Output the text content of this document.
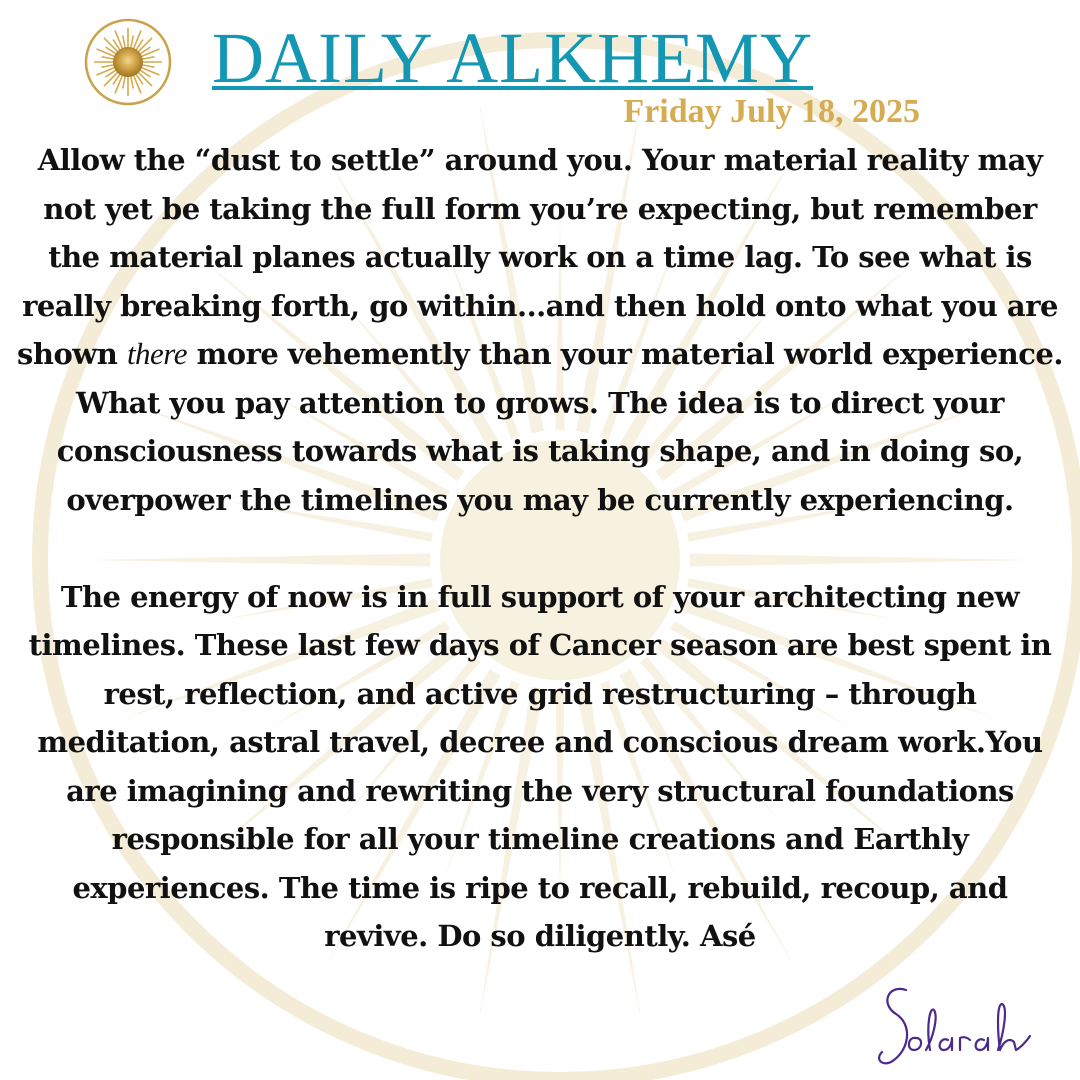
DAILY ALKHEMY
Friday July 18, 2025

Allow the “dust to settle” around you. Your material reality may not yet be taking the full form you’re expecting, but remember the material planes actually work on a time lag. To see what is really breaking forth, go within...and then hold onto what you are shown there more vehemently than your material world experience. What you pay attention to grows. The idea is to direct your consciousness towards what is taking shape, and in doing so, overpower the timelines you may be currently experiencing.

The energy of now is in full support of your architecting new timelines. These last few days of Cancer season are best spent in rest, reflection, and active grid restructuring – through meditation, astral travel, decree and conscious dream work.You are imagining and rewriting the very structural foundations responsible for all your timeline creations and Earthly experiences. The time is ripe to recall, rebuild, recoup, and revive. Do so diligently. Asé
